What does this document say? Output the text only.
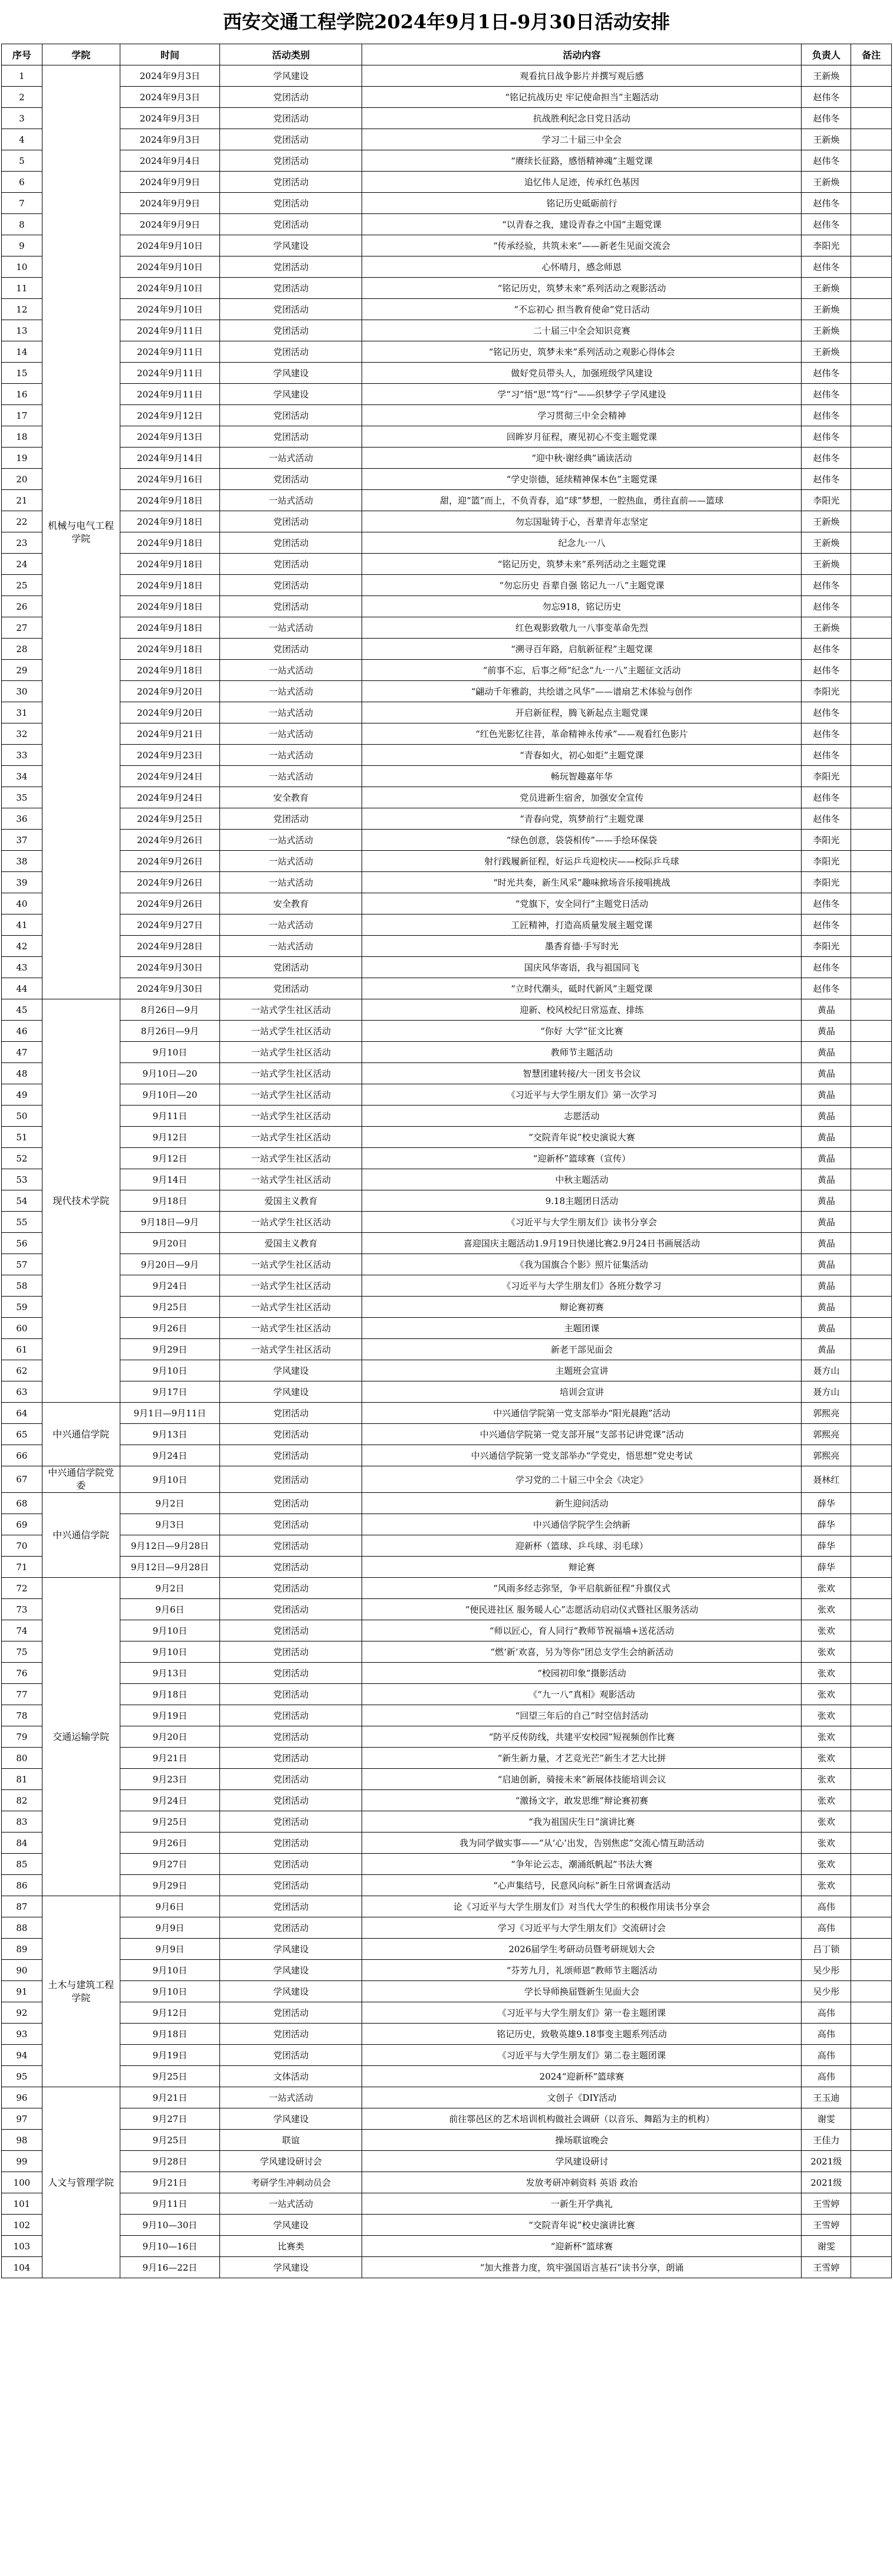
西安交通工程学院2024年9月1日-9月30日活动安排
序号	学院	时间	活动类别	活动内容	负责人	备注
1	机械与电气工程学院	2024年9月3日	学风建设	观看抗日战争影片并撰写观后感	王新焕	
2		2024年9月3日	党团活动	“铭记抗战历史 牢记使命担当”主题活动	赵伟冬	
3		2024年9月3日	党团活动	抗战胜利纪念日党日活动	赵伟冬	
4		2024年9月3日	党团活动	学习二十届三中全会	王新焕	
5		2024年9月4日	党团活动	“赓续长征路，感悟精神魂”主题党课	赵伟冬	
6		2024年9月9日	党团活动	追忆伟人足迹，传承红色基因	王新焕	
7		2024年9月9日	党团活动	铭记历史砥砺前行	赵伟冬	
8		2024年9月9日	党团活动	“以青春之我，建设青春之中国”主题党课	赵伟冬	
9		2024年9月10日	学风建设	“传承经验，共筑未来”——新老生见面交流会	李阳光	
10		2024年9月10日	党团活动	心怀晴月，感念师恩	赵伟冬	
11		2024年9月10日	党团活动	“铭记历史，筑梦未来”系列活动之观影活动	王新焕	
12		2024年9月10日	党团活动	“不忘初心 担当教育使命”党日活动	王新焕	
13		2024年9月11日	党团活动	二十届三中全会知识竞赛	王新焕	
14		2024年9月11日	党团活动	“铭记历史，筑梦未来”系列活动之观影心得体会	王新焕	
15		2024年9月11日	学风建设	做好党员带头人，加强班级学风建设	赵伟冬	
16		2024年9月11日	学风建设	学“习”悟“思”笃“行”——织梦学子学风建设	赵伟冬	
17		2024年9月12日	党团活动	学习贯彻三中全会精神	赵伟冬	
18		2024年9月13日	党团活动	回眸岁月征程，赓见初心不变主题党课	赵伟冬	
19		2024年9月14日	一站式活动	“迎中秋·谢经典”诵读活动	赵伟冬	
20		2024年9月16日	党团活动	“学史崇德，延续精神保本色”主题党课	赵伟冬	
21		2024年9月18日	一站式活动	甜，迎“篮”而上，不负青春，追“球”梦想，一腔热血，勇往直前——篮球	李阳光	
22		2024年9月18日	党团活动	勿忘国耻铸于心，吾辈青年志坚定	王新焕	
23		2024年9月18日	党团活动	纪念九·一八	王新焕	
24		2024年9月18日	党团活动	“铭记历史，筑梦未来”系列活动之主题党课	王新焕	
25		2024年9月18日	党团活动	“勿忘历史 吾辈自强 铭记九一八”主题党课	赵伟冬	
26		2024年9月18日	党团活动	勿忘918，铭记历史	赵伟冬	
27		2024年9月18日	一站式活动	红色观影致敬九一八事变革命先烈	王新焕	
28		2024年9月18日	党团活动	“溯寻百年路，启航新征程”主题党课	赵伟冬	
29		2024年9月18日	一站式活动	“前事不忘，后事之师”纪念“九·一八”主题征文活动	赵伟冬	
30		2024年9月20日	一站式活动	“翩动千年雅韵，共绘谱之风华”——谱扇艺术体验与创作	李阳光	
31		2024年9月20日	一站式活动	开启新征程，腾飞新起点主题党课	赵伟冬	
32		2024年9月21日	一站式活动	“红色光影忆往昔，革命精神永传承”——观看红色影片	赵伟冬	
33		2024年9月23日	一站式活动	“青春如火，初心如炬”主题党课	赵伟冬	
34		2024年9月24日	一站式活动	畅玩智趣嘉年华	李阳光	
35		2024年9月24日	安全教育	党员进新生宿舍，加强安全宣传	赵伟冬	
36		2024年9月25日	党团活动	“青春向党，筑梦前行”主题党课	赵伟冬	
37		2024年9月26日	一站式活动	“绿色创意，袋袋相传”——手绘环保袋	李阳光	
38		2024年9月26日	一站式活动	射行践履新征程，好运乒乓迎校庆——校际乒乓球	李阳光	
39		2024年9月26日	一站式活动	“时光共奏，新生风采”趣味掀场音乐接唱挑战	李阳光	
40		2024年9月26日	安全教育	“党旗下，安全同行”主题党日活动	赵伟冬	
41		2024年9月27日	一站式活动	工匠精神，打造高质量发展主题党课	赵伟冬	
42		2024年9月28日	一站式活动	墨香育德·手写时光	李阳光	
43		2024年9月30日	党团活动	国庆风华寄语，我与祖国同飞	赵伟冬	
44		2024年9月30日	党团活动	“立时代潮头，砥时代新风”主题党课	赵伟冬	
45	现代技术学院	8月26日—9月	一站式学生社区活动	迎新、校风校纪日常巡查、排练	黄晶	
46		8月26日—9月	一站式学生社区活动	“你好 大学”征文比赛	黄晶	
47		9月10日	一站式学生社区活动	教师节主题活动	黄晶	
48		9月10日—20	一站式学生社区活动	智慧团建转接/大一团支书会议	黄晶	
49		9月10日—20	一站式学生社区活动	《习近平与大学生朋友们》第一次学习	黄晶	
50		9月11日	一站式学生社区活动	志愿活动	黄晶	
51		9月12日	一站式学生社区活动	“交院青年说”校史演说大赛	黄晶	
52		9月12日	一站式学生社区活动	“迎新杯”篮球赛（宣传）	黄晶	
53		9月14日	一站式学生社区活动	中秋主题活动	黄晶	
54		9月18日	爱国主义教育	9.18主题团日活动	黄晶	
55		9月18日—9月	一站式学生社区活动	《习近平与大学生朋友们》读书分享会	黄晶	
56		9月20日	爱国主义教育	喜迎国庆主题活动1.9月19日快递比赛2.9月24日书画展活动	黄晶	
57		9月20日—9月	一站式学生社区活动	《我为国旗合个影》照片征集活动	黄晶	
58		9月24日	一站式学生社区活动	《习近平与大学生朋友们》各班分数学习	黄晶	
59		9月25日	一站式学生社区活动	辩论赛初赛	黄晶	
60		9月26日	一站式学生社区活动	主题团课	黄晶	
61		9月29日	一站式学生社区活动	新老干部见面会	黄晶	
62		9月10日	学风建设	主题班会宣讲	聂方山	
63		9月17日	学风建设	培训会宣讲	聂方山	
64	中兴通信学院	9月1日—9月11日	党团活动	中兴通信学院第一党支部举办“阳光晨跑”活动	郭熙亮	
65		9月13日	党团活动	中兴通信学院第一党支部开展“支部书记讲党课”活动	郭熙亮	
66		9月24日	党团活动	中兴通信学院第一党支部举办“学党史，悟思想”党史考试	郭熙亮	
67	中兴通信学院党委	9月10日	党团活动	学习党的二十届三中全会《决定》	聂林红	
68	中兴通信学院	9月2日	党团活动	新生迎问活动	薛华	
69		9月3日	党团活动	中兴通信学院学生会纳新	薛华	
70		9月12日—9月28日	党团活动	迎新杯（篮球、乒乓球、羽毛球）	薛华	
71		9月12日—9月28日	党团活动	辩论赛	薛华	
72	交通运输学院	9月2日	党团活动	“风雨多经志弥坚，争平启航新征程”升旗仪式	张欢	
73		9月6日	党团活动	“便民进社区 服务暖人心”志愿活动启动仪式暨社区服务活动	张欢	
74		9月10日	党团活动	“师以匠心，育人同行”教师节祝福墙+送花活动	张欢	
75		9月10日	党团活动	“燃‘新’欢喜，另为等你”团总支学生会纳新活动	张欢	
76		9月13日	党团活动	“校园初印象”摄影活动	张欢	
77		9月18日	党团活动	《“九一八”真相》观影活动	张欢	
78		9月19日	党团活动	“回望三年后的自己”时空信封活动	张欢	
79		9月20日	党团活动	“防平反传防线，共建平安校园”短视频创作比赛	张欢	
80		9月21日	党团活动	“新生新力量，才艺竞光芒”新生才艺大比拼	张欢	
81		9月23日	党团活动	“启迪创新，骑接未来”新展体技能培训会议	张欢	
82		9月24日	党团活动	“激扬文字，敢发思维”辩论赛初赛	张欢	
83		9月25日	党团活动	“我为祖国庆生日”演讲比赛	张欢	
84		9月26日	党团活动	我为同学做实事——“从‘心’出发，告别焦虑”交流心情互助活动	张欢	
85		9月27日	党团活动	“争年论云志，潮涌纸帆起”书法大赛	张欢	
86		9月29日	党团活动	“心声集结号，民意风向标”新生日常调查活动	张欢	
87	土木与建筑工程学院	9月6日	党团活动	论《习近平与大学生朋友们》对当代大学生的积极作用读书分享会	高伟	
88		9月9日	党团活动	学习《习近平与大学生朋友们》交流研讨会	高伟	
89		9月9日	学风建设	2026届学生考研动员暨考研规划大会	吕丁锁	
90		9月10日	学风建设	“芬芳九月，礼颂师恩”教师节主题活动	吴少彤	
91		9月10日	学风建设	学长导师换届暨新生见面大会	吴少彤	
92		9月12日	党团活动	《习近平与大学生朋友们》第一卷主题团课	高伟	
93		9月18日	党团活动	铭记历史，致敬英雄9.18事变主题系列活动	高伟	
94		9月19日	党团活动	《习近平与大学生朋友们》第二卷主题团课	高伟	
95		9月25日	文体活动	2024“迎新杯”篮球赛	高伟	
96	人文与管理学院	9月21日	一站式活动	文创子《DIY活动	王玉迪	
97		9月27日	学风建设	前往鄠邑区的艺术培训机构做社会调研（以音乐、舞蹈为主的机构）	谢雯	
98		9月25日	联谊	操场联谊晚会	王佳力	
99		9月28日	学风建设研讨会	学风建设研讨	2021级	
100		9月21日	考研学生冲刺动员会	发放考研冲刺资料 英语 政治	2021级	
101		9月11日	一站式活动	一新生开学典礼	王雪婷	
102		9月10—30日	学风建设	“交院青年说”校史演讲比赛	王雪婷	
103		9月10—16日	比赛类	“迎新杯”篮球赛	谢雯	
104		9月16—22日	学风建设	“加大推普力度，筑牢强国语言基石”读书分享，朗诵	王雪婷	
